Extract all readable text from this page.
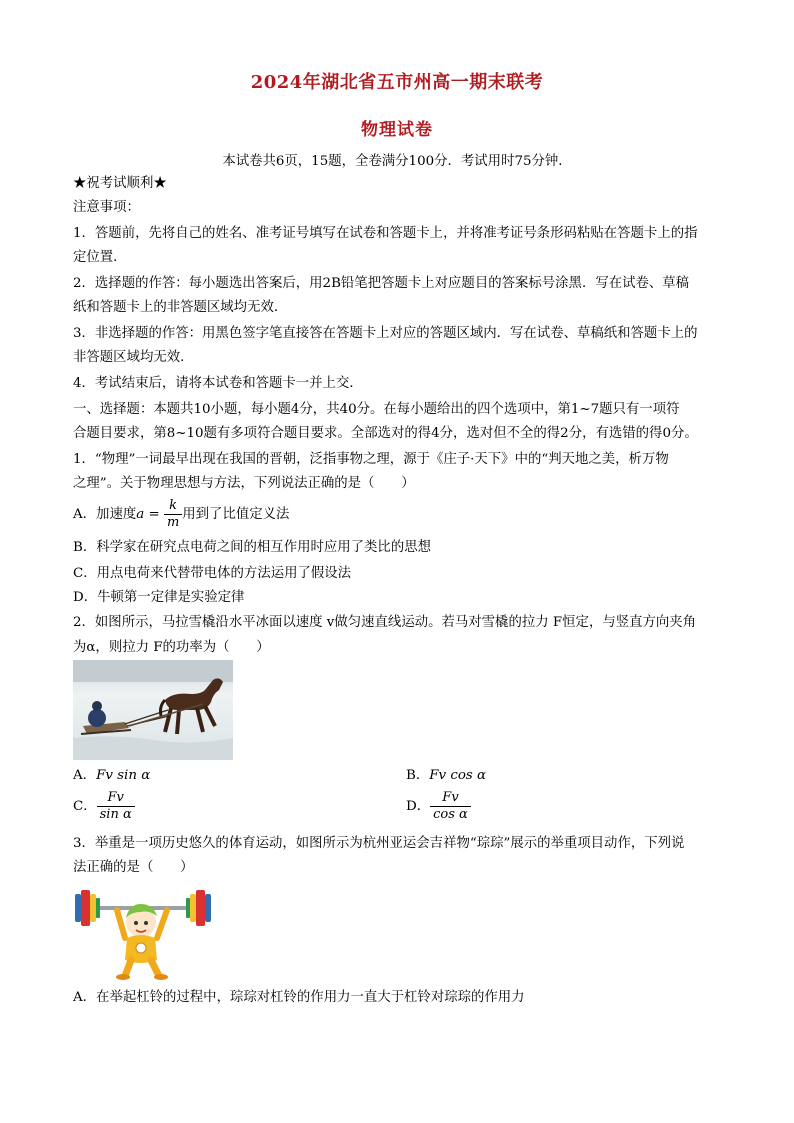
2024年湖北省五市州高一期末联考
物理试卷
本试卷共6页，15题，全卷满分100分．考试用时75分钟．
★祝考试顺利★
注意事项：
1．答题前，先将自己的姓名、准考证号填写在试卷和答题卡上，并将准考证号条形码粘贴在答题卡上的指
定位置．
2．选择题的作答：每小题选出答案后，用2B铅笔把答题卡上对应题目的答案标号涂黑．写在试卷、草稿
纸和答题卡上的非答题区域均无效．
3．非选择题的作答：用黑色签字笔直接答在答题卡上对应的答题区域内．写在试卷、草稿纸和答题卡上的
非答题区域均无效．
4．考试结束后，请将本试卷和答题卡一并上交．
一、选择题：本题共10小题，每小题4分，共40分。在每小题给出的四个选项中，第1~7题只有一项符
合题目要求，第8~10题有多项符合题目要求。全部选对的得4分，选对但不全的得2分，有选错的得0分。
1．“物理”一词最早出现在我国的晋朝，泛指事物之理，源于《庄子·天下》中的“判天地之美，析万物
之理”。关于物理思想与方法，下列说法正确的是（　　）
A．加速度$a = \frac{k}{m}$ 用到了比值定义法
B．科学家在研究点电荷之间的相互作用时应用了类比的思想
C．用点电荷来代替带电体的方法运用了假设法
D．牛顿第一定律是实验定律
2．如图所示，马拉雪橇沿水平冰面以速度 v做匀速直线运动。若马对雪橇的拉力 F恒定，与竖直方向夹角
为α，则拉力 F的功率为（　　）
A．Fv sin α	B．Fv cos α
C． $\frac{Fv}{\text{sin α}}$	D． $\frac{Fv}{\text{cos α}}$
3．举重是一项历史悠久的体育运动，如图所示为杭州亚运会吉祥物“琮琮”展示的举重项目动作，下列说
法正确的是（　　）
A．在举起杠铃的过程中，琮琮对杠铃的作用力一直大于杠铃对琮琮的作用力
